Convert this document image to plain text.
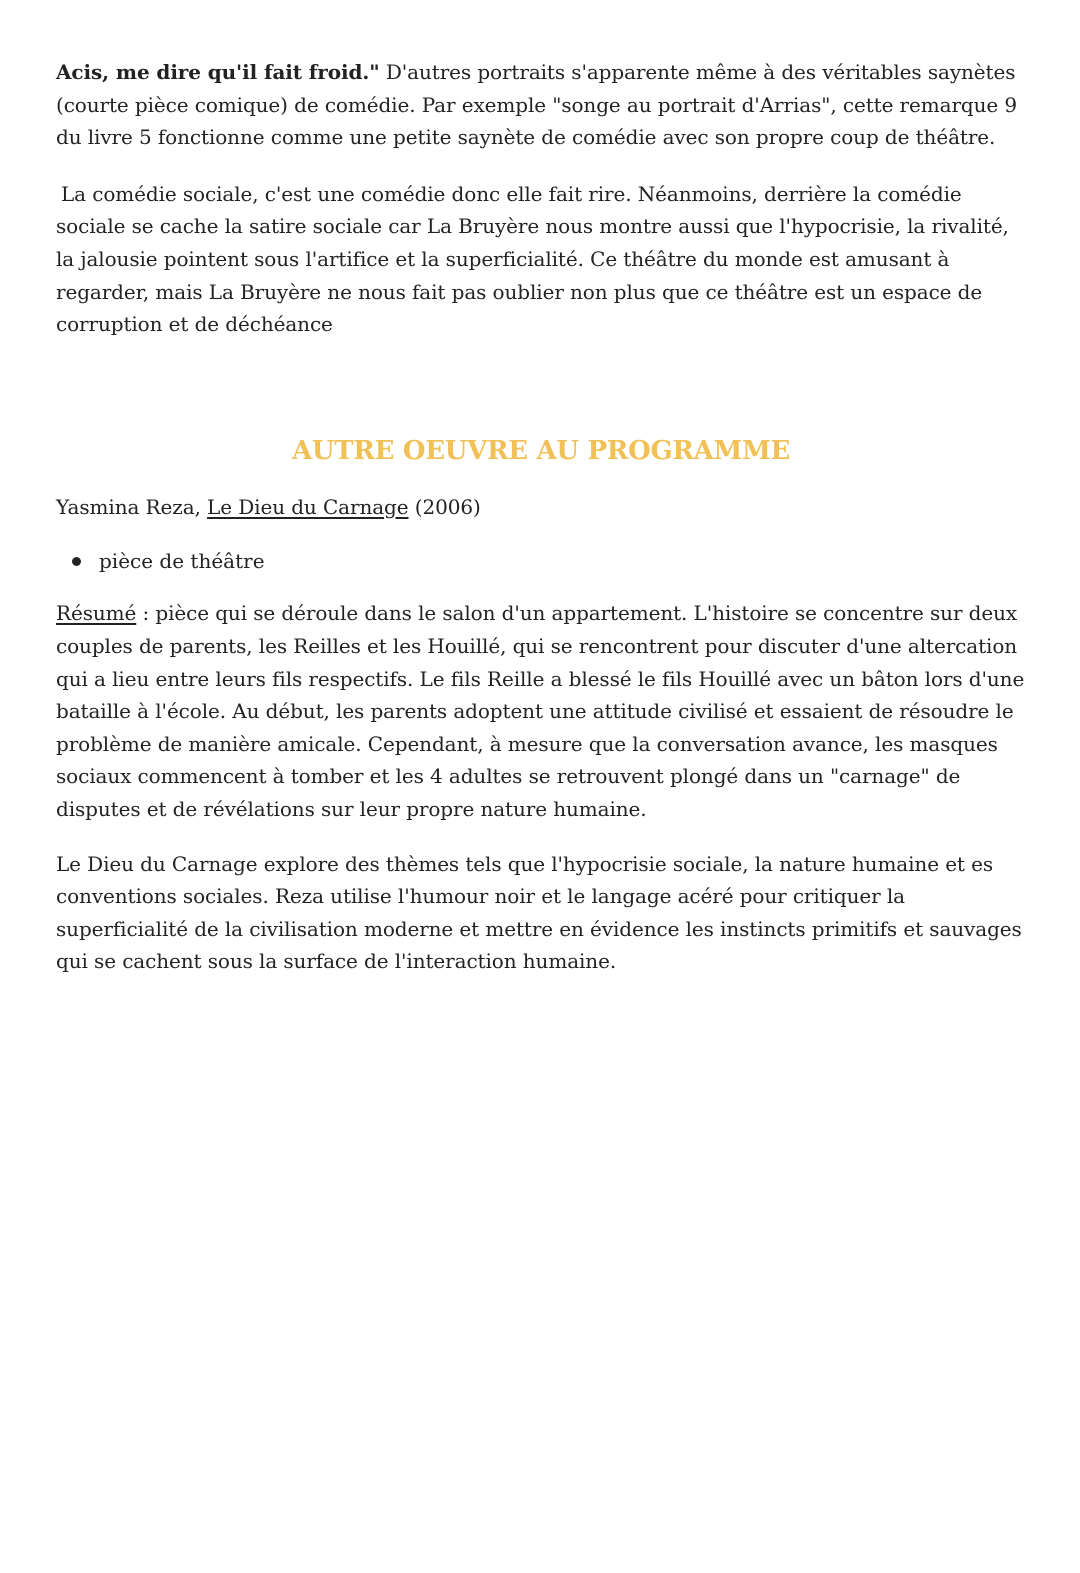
Acis, me dire qu'il fait froid." D'autres portraits s'apparente même à des véritables saynètes (courte pièce comique) de comédie. Par exemple "songe au portrait d'Arrias", cette remarque 9 du livre 5 fonctionne comme une petite saynète de comédie avec son propre coup de théâtre.

La comédie sociale, c'est une comédie donc elle fait rire. Néanmoins, derrière la comédie sociale se cache la satire sociale car La Bruyère nous montre aussi que l'hypocrisie, la rivalité, la jalousie pointent sous l'artifice et la superficialité. Ce théâtre du monde est amusant à regarder, mais La Bruyère ne nous fait pas oublier non plus que ce théâtre est un espace de corruption et de déchéance

AUTRE OEUVRE AU PROGRAMME

Yasmina Reza, Le Dieu du Carnage (2006)

pièce de théâtre

Résumé : pièce qui se déroule dans le salon d'un appartement. L'histoire se concentre sur deux couples de parents, les Reilles et les Houillé, qui se rencontrent pour discuter d'une altercation qui a lieu entre leurs fils respectifs. Le fils Reille a blessé le fils Houillé avec un bâton lors d'une bataille à l'école. Au début, les parents adoptent une attitude civilisé et essaient de résoudre le problème de manière amicale. Cependant, à mesure que la conversation avance, les masques sociaux commencent à tomber et les 4 adultes se retrouvent plongé dans un "carnage" de disputes et de révélations sur leur propre nature humaine.

Le Dieu du Carnage explore des thèmes tels que l'hypocrisie sociale, la nature humaine et es conventions sociales. Reza utilise l'humour noir et le langage acéré pour critiquer la superficialité de la civilisation moderne et mettre en évidence les instincts primitifs et sauvages qui se cachent sous la surface de l'interaction humaine.
